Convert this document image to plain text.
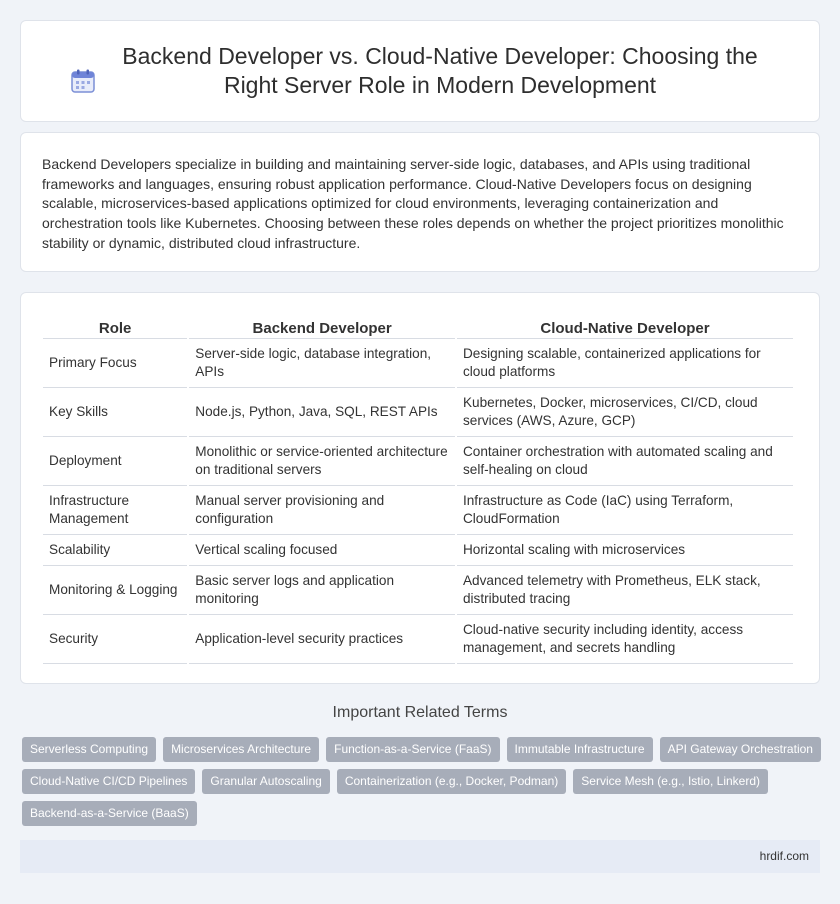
Backend Developer vs. Cloud-Native Developer: Choosing the Right Server Role in Modern Development

Backend Developers specialize in building and maintaining server-side logic, databases, and APIs using traditional frameworks and languages, ensuring robust application performance. Cloud-Native Developers focus on designing scalable, microservices-based applications optimized for cloud environments, leveraging containerization and orchestration tools like Kubernetes. Choosing between these roles depends on whether the project prioritizes monolithic stability or dynamic, distributed cloud infrastructure.

Role	Backend Developer	Cloud-Native Developer
Primary Focus	Server-side logic, database integration, APIs	Designing scalable, containerized applications for cloud platforms
Key Skills	Node.js, Python, Java, SQL, REST APIs	Kubernetes, Docker, microservices, CI/CD, cloud services (AWS, Azure, GCP)
Deployment	Monolithic or service-oriented architecture on traditional servers	Container orchestration with automated scaling and self-healing on cloud
Infrastructure Management	Manual server provisioning and configuration	Infrastructure as Code (IaC) using Terraform, CloudFormation
Scalability	Vertical scaling focused	Horizontal scaling with microservices
Monitoring & Logging	Basic server logs and application monitoring	Advanced telemetry with Prometheus, ELK stack, distributed tracing
Security	Application-level security practices	Cloud-native security including identity, access management, and secrets handling
Important Related Terms
Serverless Computing	Microservices Architecture	Function-as-a-Service (FaaS)	Immutable Infrastructure	API Gateway Orchestration
Cloud-Native CI/CD Pipelines	Granular Autoscaling	Containerization (e.g., Docker, Podman)	Service Mesh (e.g., Istio, Linkerd)
Backend-as-a-Service (BaaS)
hrdif.com
